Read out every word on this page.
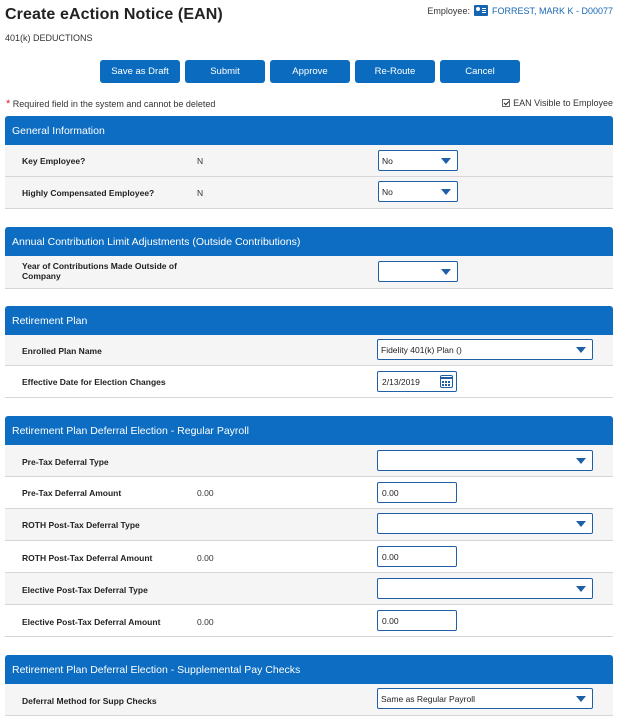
Create eAction Notice (EAN)
401(k) DEDUCTIONS
Employee: FORREST, MARK K - D00077
Save as Draft	Submit	Approve	Re-Route	Cancel
* Required field in the system and cannot be deleted	EAN Visible to Employee
General Information
Key Employee?	N	No
Highly Compensated Employee?	N	No
Annual Contribution Limit Adjustments (Outside Contributions)
Year of Contributions Made Outside of Company
Retirement Plan
Enrolled Plan Name	Fidelity 401(k) Plan ()
Effective Date for Election Changes	2/13/2019
Retirement Plan Deferral Election - Regular Payroll
Pre-Tax Deferral Type
Pre-Tax Deferral Amount	0.00	0.00
ROTH Post-Tax Deferral Type
ROTH Post-Tax Deferral Amount	0.00	0.00
Elective Post-Tax Deferral Type
Elective Post-Tax Deferral Amount	0.00	0.00
Retirement Plan Deferral Election - Supplemental Pay Checks
Deferral Method for Supp Checks	Same as Regular Payroll
